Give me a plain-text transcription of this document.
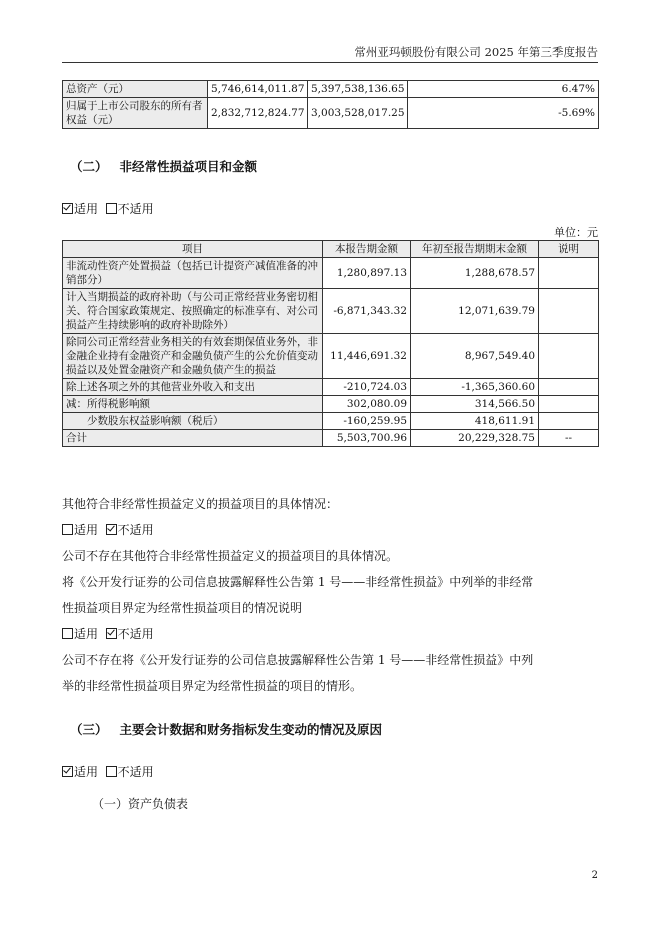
常州亚玛顿股份有限公司 2025 年第三季度报告
总资产（元）	5,746,614,011.87	5,397,538,136.65	6.47%
归属于上市公司股东的所有者权益（元）	2,832,712,824.77	3,003,528,017.25	-5.69%
（二） 非经常性损益项目和金额
适用 不适用
单位：元
项目	本报告期金额	年初至报告期期末金额	说明
非流动性资产处置损益（包括已计提资产减值准备的冲销部分）	1,280,897.13	1,288,678.57	
计入当期损益的政府补助（与公司正常经营业务密切相关、符合国家政策规定、按照确定的标准享有、对公司损益产生持续影响的政府补助除外）	-6,871,343.32	12,071,639.79	
除同公司正常经营业务相关的有效套期保值业务外，非金融企业持有金融资产和金融负债产生的公允价值变动损益以及处置金融资产和金融负债产生的损益	11,446,691.32	8,967,549.40	
除上述各项之外的其他营业外收入和支出	-210,724.03	-1,365,360.60	
减：所得税影响额	302,080.09	314,566.50	
少数股东权益影响额（税后）	-160,259.95	418,611.91	
合计	5,503,700.96	20,229,328.75	--
其他符合非经常性损益定义的损益项目的具体情况：
适用 不适用
公司不存在其他符合非经常性损益定义的损益项目的具体情况。
将《公开发行证券的公司信息披露解释性公告第 1 号——非经常性损益》中列举的非经常
性损益项目界定为经常性损益项目的情况说明
适用 不适用
公司不存在将《公开发行证券的公司信息披露解释性公告第 1 号——非经常性损益》中列
举的非经常性损益项目界定为经常性损益的项目的情形。
（三） 主要会计数据和财务指标发生变动的情况及原因
适用 不适用
（一）资产负债表
2
